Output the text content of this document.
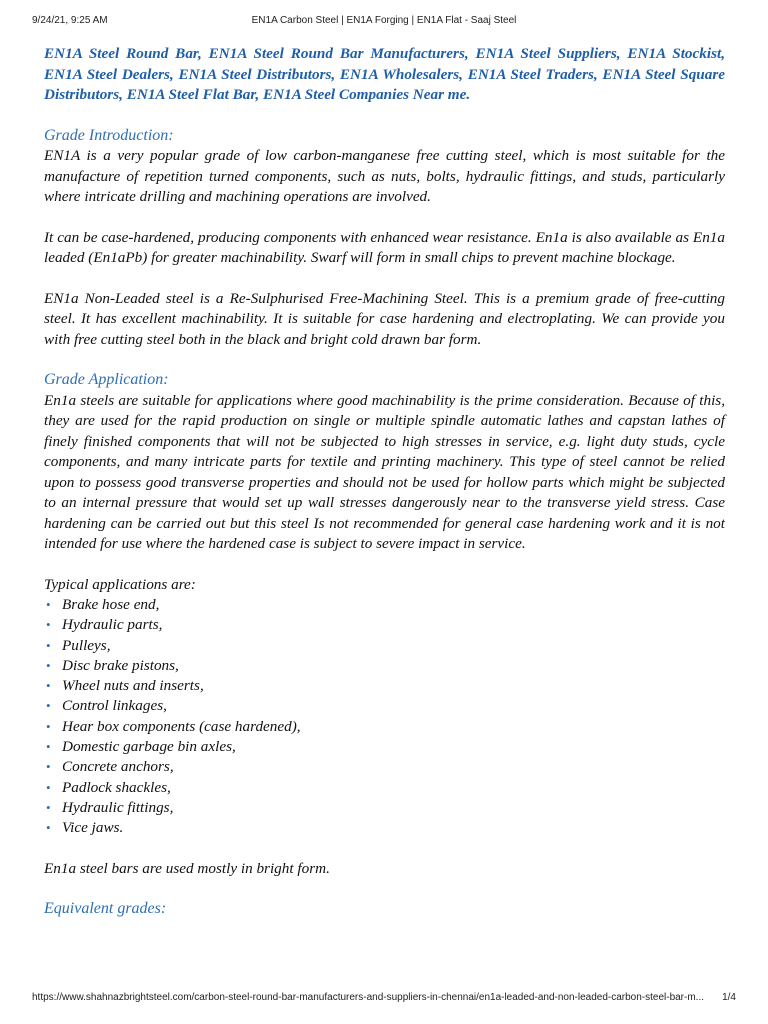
9/24/21, 9:25 AM	EN1A Carbon Steel | EN1A Forging | EN1A Flat - Saaj Steel

EN1A Steel Round Bar, EN1A Steel Round Bar Manufacturers, EN1A Steel Suppliers, EN1A Stockist, EN1A Steel Dealers, EN1A Steel Distributors, EN1A Wholesalers, EN1A Steel Traders, EN1A Steel Square Distributors, EN1A Steel Flat Bar, EN1A Steel Companies Near me.

Grade Introduction:

EN1A is a very popular grade of low carbon-manganese free cutting steel, which is most suitable for the manufacture of repetition turned components, such as nuts, bolts, hydraulic fittings, and studs, particularly where intricate drilling and machining operations are involved.

It can be case-hardened, producing components with enhanced wear resistance. En1a is also available as En1a leaded (En1aPb) for greater machinability. Swarf will form in small chips to prevent machine blockage.

EN1a Non-Leaded steel is a Re-Sulphurised Free-Machining Steel. This is a premium grade of free-cutting steel. It has excellent machinability. It is suitable for case hardening and electroplating. We can provide you with free cutting steel both in the black and bright cold drawn bar form.

Grade Application:

En1a steels are suitable for applications where good machinability is the prime consideration. Because of this, they are used for the rapid production on single or multiple spindle automatic lathes and capstan lathes of finely finished components that will not be subjected to high stresses in service, e.g. light duty studs, cycle components, and many intricate parts for textile and printing machinery. This type of steel cannot be relied upon to possess good transverse properties and should not be used for hollow parts which might be subjected to an internal pressure that would set up wall stresses dangerously near to the transverse yield stress. Case hardening can be carried out but this steel Is not recommended for general case hardening work and it is not intended for use where the hardened case is subject to severe impact in service.

Typical applications are:

• Brake hose end,
• Hydraulic parts,
• Pulleys,
• Disc brake pistons,
• Wheel nuts and inserts,
• Control linkages,
• Hear box components (case hardened),
• Domestic garbage bin axles,
• Concrete anchors,
• Padlock shackles,
• Hydraulic fittings,
• Vice jaws.

En1a steel bars are used mostly in bright form.

Equivalent grades:
https://www.shahnazbrightsteel.com/carbon-steel-round-bar-manufacturers-and-suppliers-in-chennai/en1a-leaded-and-non-leaded-carbon-steel-bar-m... 1/4
